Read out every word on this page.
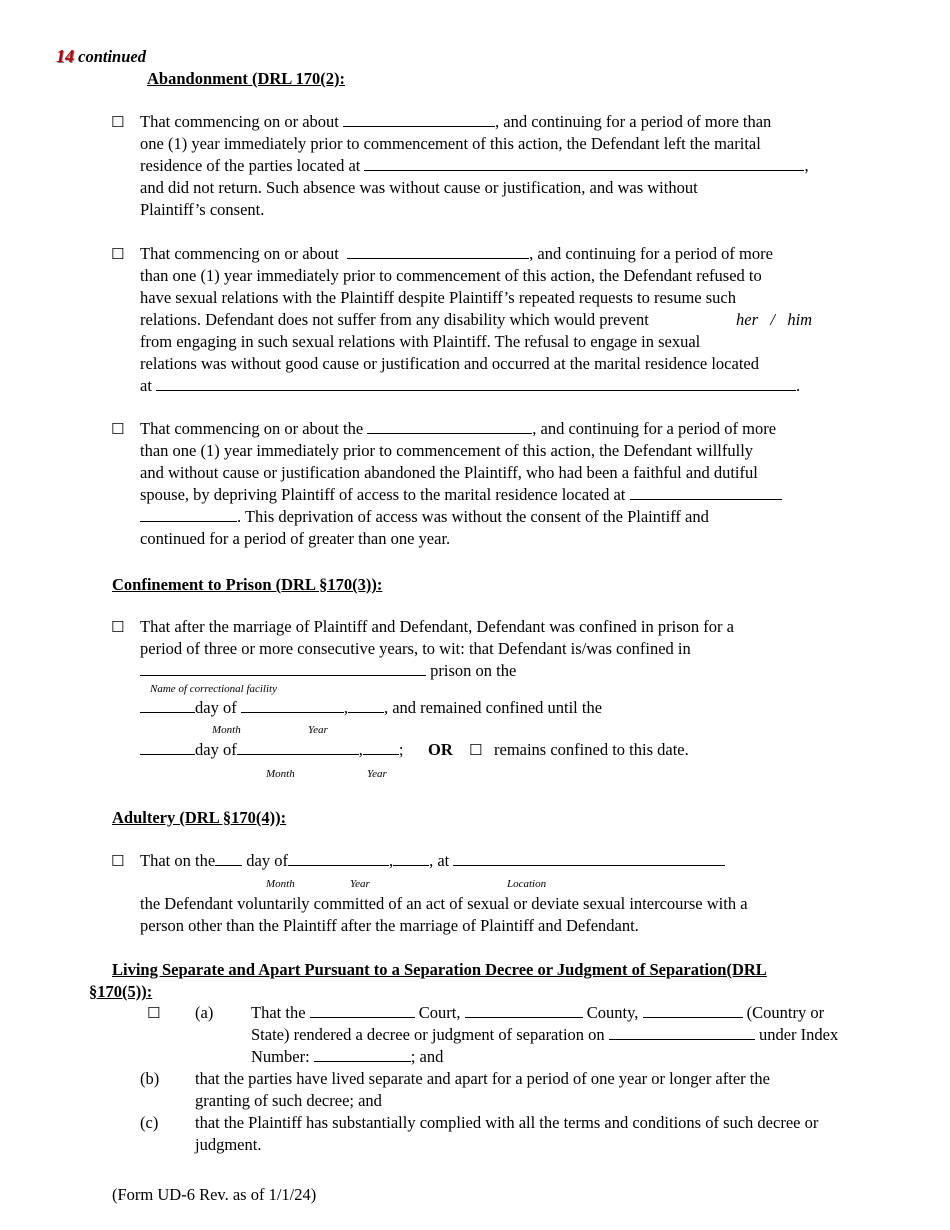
14 continued
Abandonment (DRL 170(2):
☐ That commencing on or about	, and continuing for a period of more than
one (1) year immediately prior to commencement of this action, the Defendant left the marital
residence of the parties located at	,
and did not return. Such absence was without cause or justification, and was without
Plaintiff’s consent.
☐ That commencing on or about	, and continuing for a period of more
than one (1) year immediately prior to commencement of this action, the Defendant refused to
have sexual relations with the Plaintiff despite Plaintiff’s repeated requests to resume such
relations. Defendant does not suffer from any disability which would prevent	her   /   him
from engaging in such sexual relations with Plaintiff. The refusal to engage in sexual
relations was without good cause or justification and occurred at the marital residence located
at	.
☐ That commencing on or about the	, and continuing for a period of more
than one (1) year immediately prior to commencement of this action, the Defendant willfully
and without cause or justification abandoned the Plaintiff, who had been a faithful and dutiful
spouse, by depriving Plaintiff of access to the marital residence located at
. This deprivation of access was without the consent of the Plaintiff and
continued for a period of greater than one year.
Confinement to Prison (DRL §170(3)):
☐ That after the marriage of Plaintiff and Defendant, Defendant was confined in prison for a
period of three or more consecutive years, to wit: that Defendant is/was confined in
prison on the
Name of correctional facility
day of	, , and remained confined until the
Month	Year
day of	, ; OR ☐ remains confined to this date.
Month	Year
Adultery (DRL §170(4)):
☐ That on the day of	, , at
Month	Year	Location
the Defendant voluntarily committed of an act of sexual or deviate sexual intercourse with a
person other than the Plaintiff after the marriage of Plaintiff and Defendant.
Living Separate and Apart Pursuant to a Separation Decree or Judgment of Separation(DRL
§170(5)):
☐ (a) That the	Court,	County,	(Country or
State) rendered a decree or judgment of separation on	under Index
Number:	; and
(b) that the parties have lived separate and apart for a period of one year or longer after the
granting of such decree; and
(c) that the Plaintiff has substantially complied with all the terms and conditions of such decree or
judgment.
(Form UD-6 Rev. as of 1/1/24)
